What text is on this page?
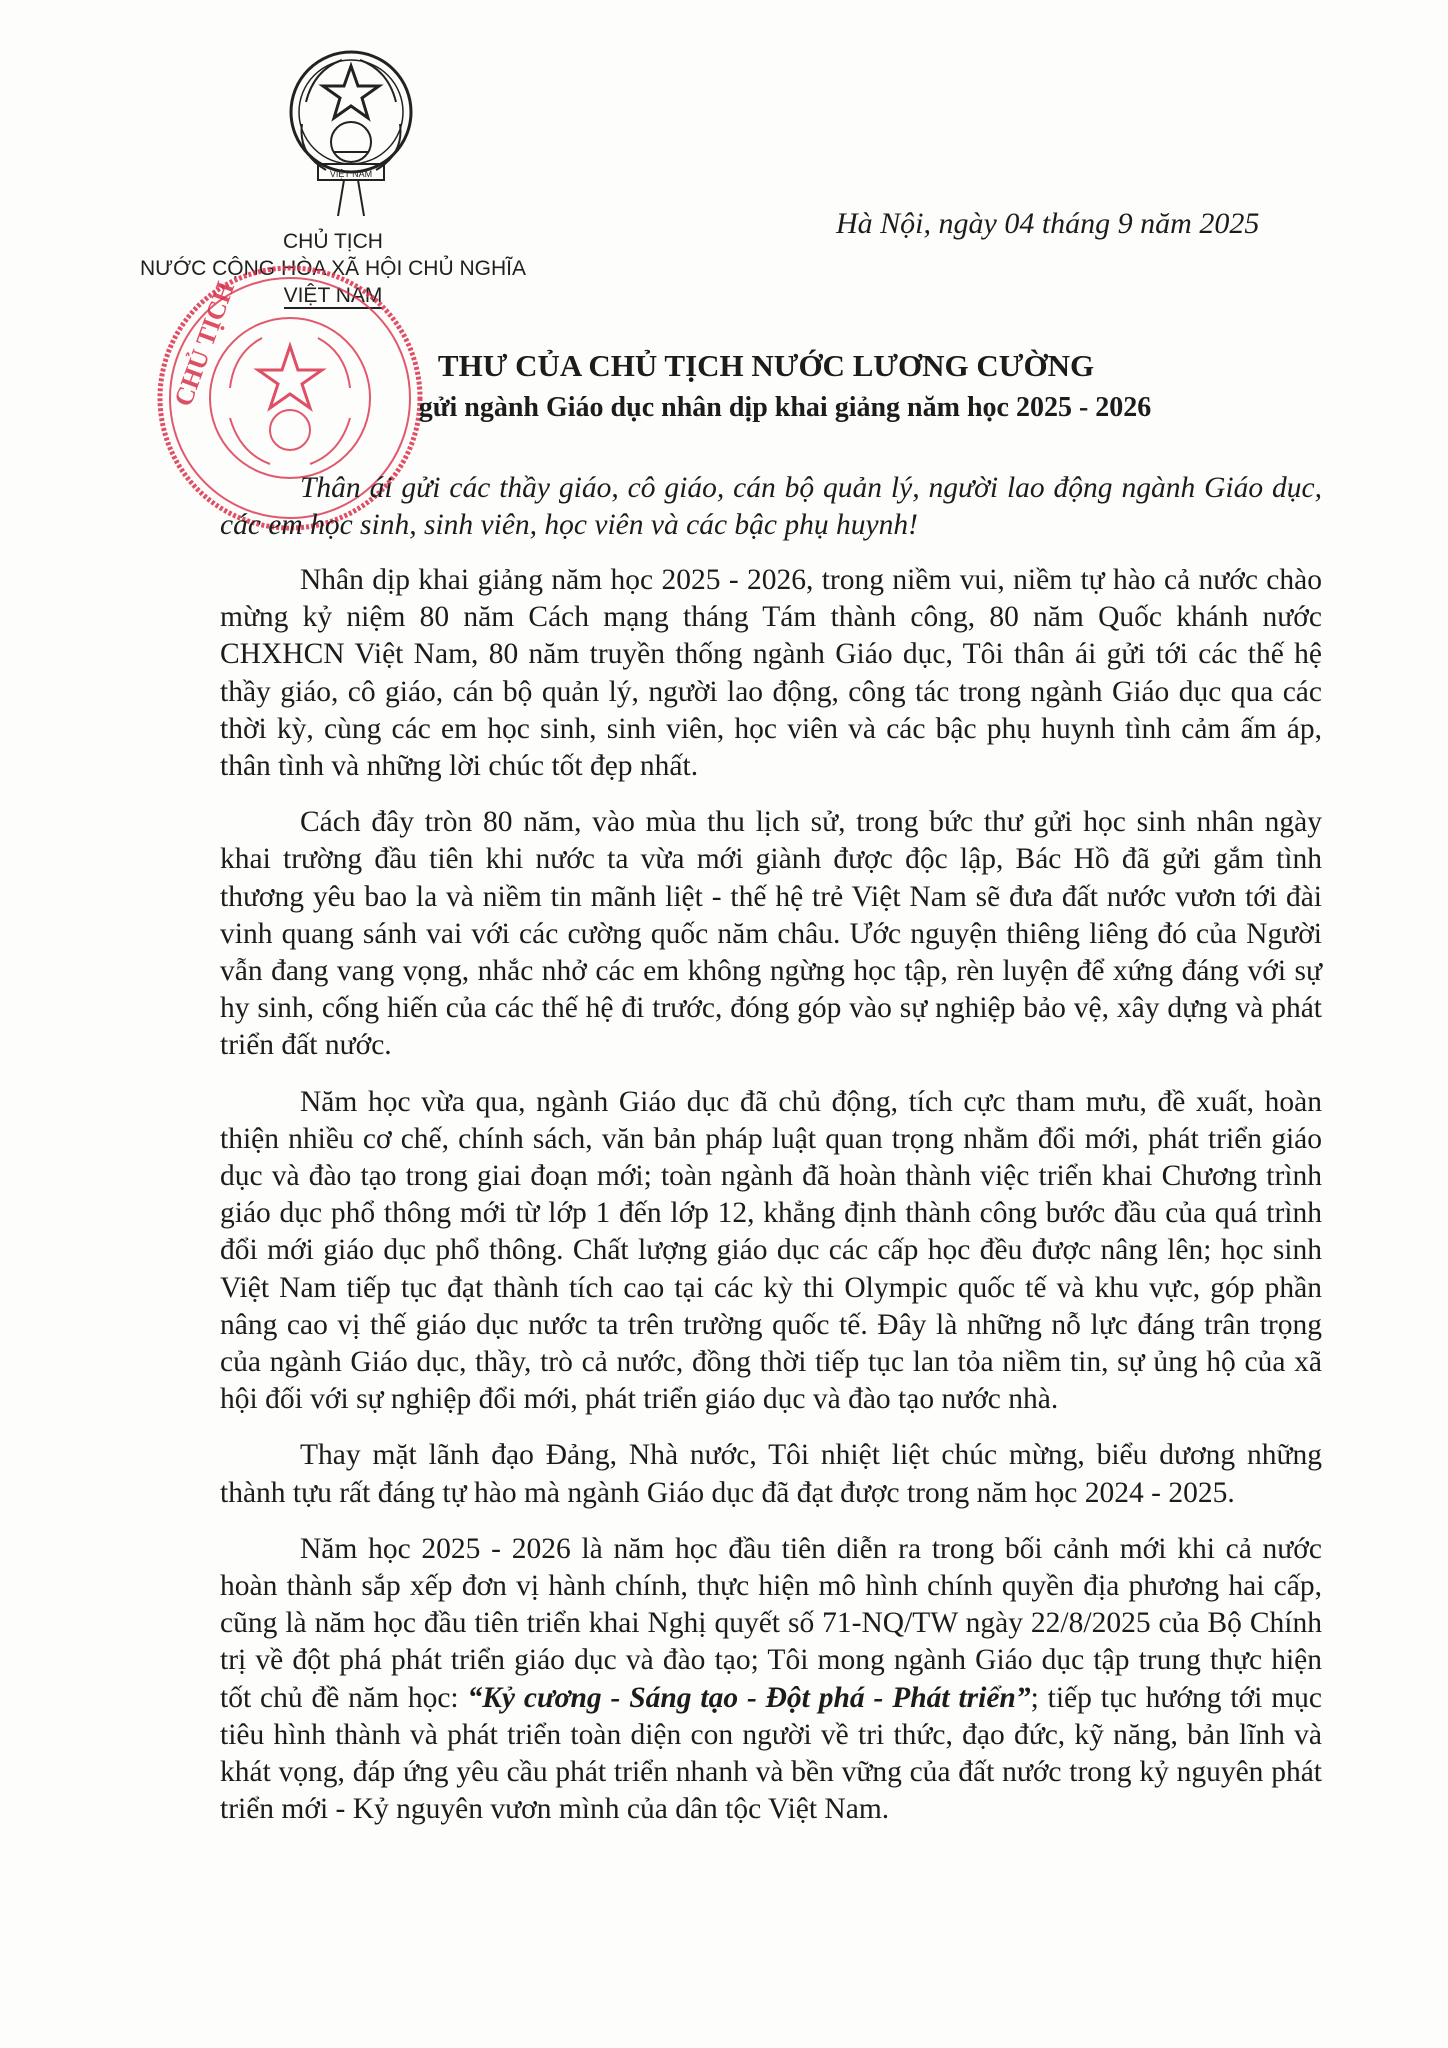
VIỆT NAM
CHỦ TỊCH
NƯỚC CỘNG HÒA XÃ HỘI CHỦ NGHĨA
VIỆT NAM
CHỦ TỊCH
Hà Nội, ngày 04 tháng 9 năm 2025
THƯ CỦA CHỦ TỊCH NƯỚC LƯƠNG CƯỜNG
gửi ngành Giáo dục nhân dịp khai giảng năm học 2025 - 2026
Thân ái gửi các thầy giáo, cô giáo, cán bộ quản lý, người lao động ngành Giáo dục, các em học sinh, sinh viên, học viên và các bậc phụ huynh!

Nhân dịp khai giảng năm học 2025 - 2026, trong niềm vui, niềm tự hào cả nước chào mừng kỷ niệm 80 năm Cách mạng tháng Tám thành công, 80 năm Quốc khánh nước CHXHCN Việt Nam, 80 năm truyền thống ngành Giáo dục, Tôi thân ái gửi tới các thế hệ thầy giáo, cô giáo, cán bộ quản lý, người lao động, công tác trong ngành Giáo dục qua các thời kỳ, cùng các em học sinh, sinh viên, học viên và các bậc phụ huynh tình cảm ấm áp, thân tình và những lời chúc tốt đẹp nhất.

Cách đây tròn 80 năm, vào mùa thu lịch sử, trong bức thư gửi học sinh nhân ngày khai trường đầu tiên khi nước ta vừa mới giành được độc lập, Bác Hồ đã gửi gắm tình thương yêu bao la và niềm tin mãnh liệt - thế hệ trẻ Việt Nam sẽ đưa đất nước vươn tới đài vinh quang sánh vai với các cường quốc năm châu. Ước nguyện thiêng liêng đó của Người vẫn đang vang vọng, nhắc nhở các em không ngừng học tập, rèn luyện để xứng đáng với sự hy sinh, cống hiến của các thế hệ đi trước, đóng góp vào sự nghiệp bảo vệ, xây dựng và phát triển đất nước.

Năm học vừa qua, ngành Giáo dục đã chủ động, tích cực tham mưu, đề xuất, hoàn thiện nhiều cơ chế, chính sách, văn bản pháp luật quan trọng nhằm đổi mới, phát triển giáo dục và đào tạo trong giai đoạn mới; toàn ngành đã hoàn thành việc triển khai Chương trình giáo dục phổ thông mới từ lớp 1 đến lớp 12, khẳng định thành công bước đầu của quá trình đổi mới giáo dục phổ thông. Chất lượng giáo dục các cấp học đều được nâng lên; học sinh Việt Nam tiếp tục đạt thành tích cao tại các kỳ thi Olympic quốc tế và khu vực, góp phần nâng cao vị thế giáo dục nước ta trên trường quốc tế. Đây là những nỗ lực đáng trân trọng của ngành Giáo dục, thầy, trò cả nước, đồng thời tiếp tục lan tỏa niềm tin, sự ủng hộ của xã hội đối với sự nghiệp đổi mới, phát triển giáo dục và đào tạo nước nhà.

Thay mặt lãnh đạo Đảng, Nhà nước, Tôi nhiệt liệt chúc mừng, biểu dương những thành tựu rất đáng tự hào mà ngành Giáo dục đã đạt được trong năm học 2024 - 2025.

Năm học 2025 - 2026 là năm học đầu tiên diễn ra trong bối cảnh mới khi cả nước hoàn thành sắp xếp đơn vị hành chính, thực hiện mô hình chính quyền địa phương hai cấp, cũng là năm học đầu tiên triển khai Nghị quyết số 71-NQ/TW ngày 22/8/2025 của Bộ Chính trị về đột phá phát triển giáo dục và đào tạo; Tôi mong ngành Giáo dục tập trung thực hiện tốt chủ đề năm học: “Kỷ cương - Sáng tạo - Đột phá - Phát triển”; tiếp tục hướng tới mục tiêu hình thành và phát triển toàn diện con người về tri thức, đạo đức, kỹ năng, bản lĩnh và khát vọng, đáp ứng yêu cầu phát triển nhanh và bền vững của đất nước trong kỷ nguyên phát triển mới - Kỷ nguyên vươn mình của dân tộc Việt Nam.
